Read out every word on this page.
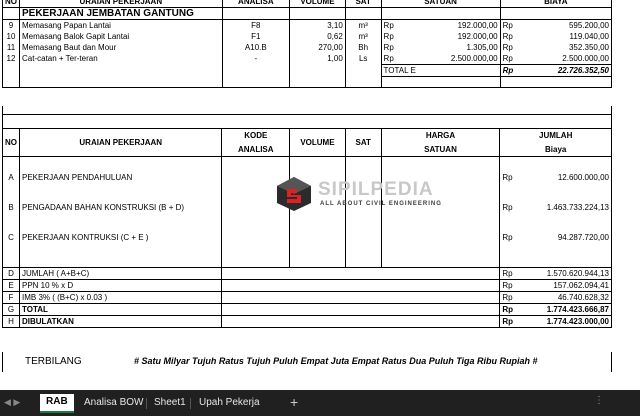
NO	URAIAN PEKERJAAN	ANALISA	VOLUME	SAT	SATUAN		BIAYA	
	PEKERJAAN JEMBATAN GANTUNG							
9	Memasang Papan Lantai	F8	3,10	m³	Rp	192.000,00	Rp	595.200,00
10	Memasang Balok Gapit Lantai	F1	0,62	m³	Rp	192.000,00	Rp	119.040,00
11	Memasang Baut dan Mour	A10.B	270,00	Bh	Rp	1.305,00	Rp	352.350,00
12	Cat-catan + Ter-teran	-	1,00	Ls	Rp	2.500.000,00	Rp	2.500.000,00
					TOTAL E		Rp	22.726.352,50

NO	URAIAN PEKERJAAN	KODE	VOLUME	SAT	HARGA		JUMLAH	
		ANALISA			SATUAN		Biaya	

A	PEKERJAAN PENDAHULUAN						Rp	12.600.000,00
B	PENGADAAN BAHAN KONSTRUKSI (B + D)						Rp	1.463.733.224,13
C	PEKERJAAN KONTRUKSI (C + E )						Rp	94.287.720,00

D	JUMLAH ( A+B+C)						Rp	1.570.620.944,13
E	PPN 10 % x D						Rp	157.062.094,41
F	IMB 3% ( (B+C) x 0.03 )						Rp	46.740.628,32
G	TOTAL						Rp	1.774.423.666,87
H	DIBULATKAN						Rp	1.774.423.000,00
TERBILANG	# Satu Milyar Tujuh Ratus Tujuh Puluh Empat Juta Empat Ratus Dua Puluh Tiga Ribu Rupiah #
SIPILPEDIA
ALL ABOUT CIVIL ENGINEERING
◀ ▶	RAB	Analisa BOW	Sheet1	Upah Pekerja	+	⋮
